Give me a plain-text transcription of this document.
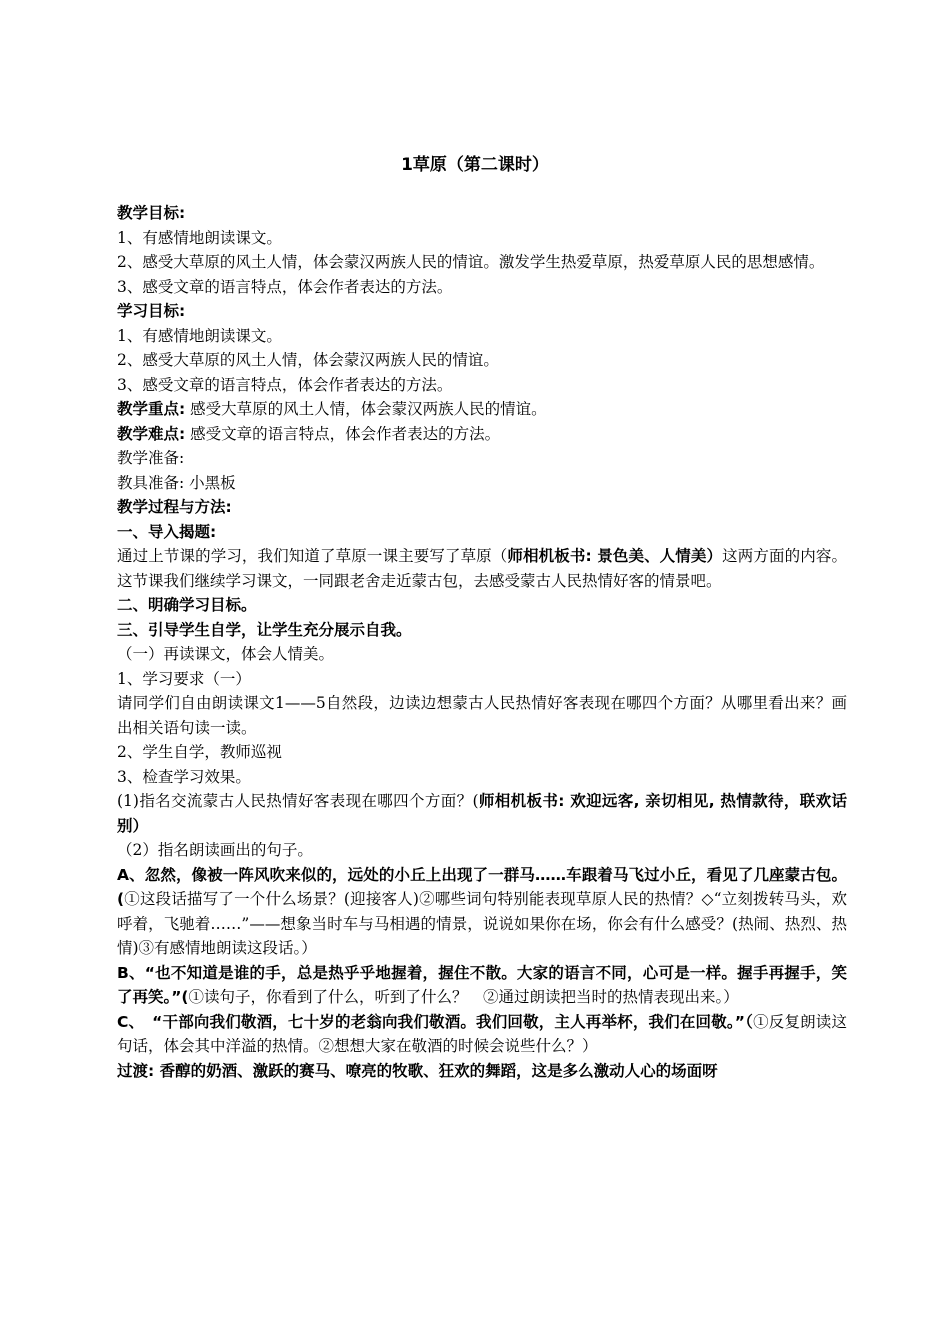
1草原（第二课时）

教学目标:

1、有感情地朗读课文。

2、感受大草原的风土人情，体会蒙汉两族人民的情谊。激发学生热爱草原，热爱草原人民的思想感情。

3、感受文章的语言特点，体会作者表达的方法。

学习目标:

1、有感情地朗读课文。

2、感受大草原的风土人情，体会蒙汉两族人民的情谊。

3、感受文章的语言特点，体会作者表达的方法。

教学重点: 感受大草原的风土人情，体会蒙汉两族人民的情谊。

教学难点: 感受文章的语言特点，体会作者表达的方法。

教学准备:

教具准备: 小黑板

教学过程与方法:

一、导入揭题:

通过上节课的学习，我们知道了草原一课主要写了草原（师相机板书: 景色美、人情美）这两方面的内容。这节课我们继续学习课文，一同跟老舍走近蒙古包，去感受蒙古人民热情好客的情景吧。

二、明确学习目标。

三、引导学生自学，让学生充分展示自我。

（一）再读课文，体会人情美。

1、学习要求（一）

请同学们自由朗读课文1——5自然段，边读边想蒙古人民热情好客表现在哪四个方面？从哪里看出来？画出相关语句读一读。

2、学生自学，教师巡视

3、检查学习效果。

(1)指名交流蒙古人民热情好客表现在哪四个方面？(师相机板书: 欢迎远客, 亲切相见, 热情款待，联欢话别）

（2）指名朗读画出的句子。

A、忽然，像被一阵风吹来似的，远处的小丘上出现了一群马……车跟着马飞过小丘，看见了几座蒙古包。(①这段话描写了一个什么场景？(迎接客人)②哪些词句特别能表现草原人民的热情？◇“立刻拨转马头，欢呼着，飞驰着……”——想象当时车与马相遇的情景，说说如果你在场，你会有什么感受？(热闹、热烈、热情)③有感情地朗读这段话。）

B、“也不知道是谁的手，总是热乎乎地握着，握住不散。大家的语言不同，心可是一样。握手再握手，笑了再笑。”(①读句子，你看到了什么，听到了什么？　②通过朗读把当时的热情表现出来。）

C、　“干部向我们敬酒，七十岁的老翁向我们敬酒。我们回敬，主人再举杯，我们在回敬。”（①反复朗读这句话，体会其中洋溢的热情。②想想大家在敬酒的时候会说些什么？）

过渡: 香醇的奶酒、激跃的赛马、嘹亮的牧歌、狂欢的舞蹈，这是多么激动人心的场面呀
